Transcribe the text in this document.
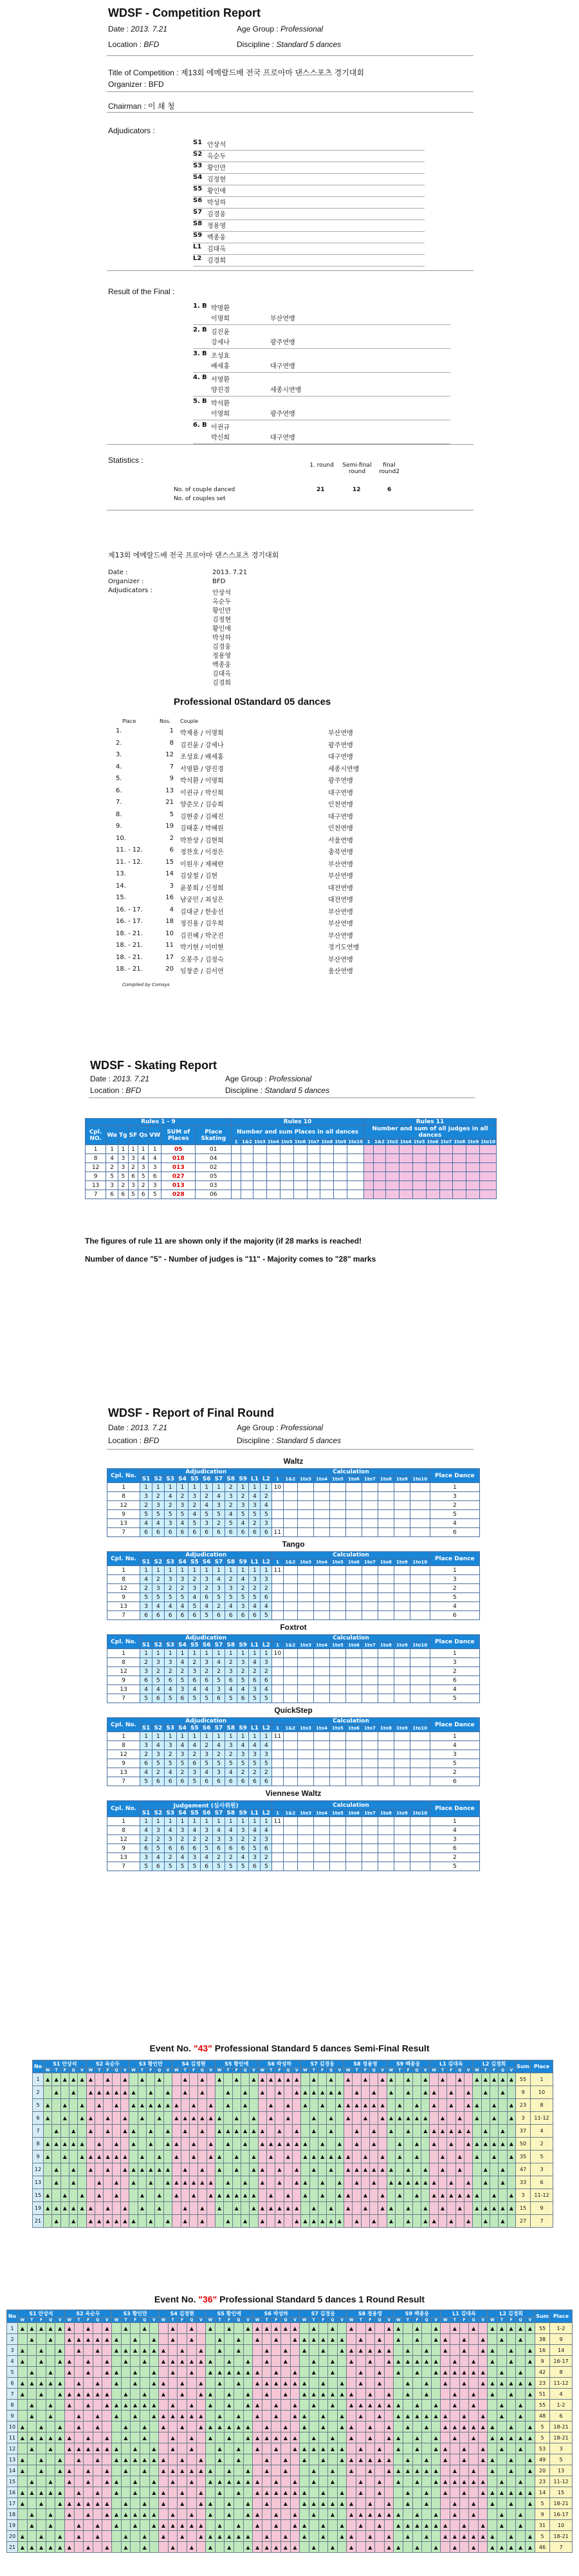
WDSF - Competition Report
Date : 2013. 7.21	Age Group : Professional
Location : BFD	Discipline : Standard 5 dances
Title of Competition : 제13회 에메랄드배 전국 프로아마 댄스스포츠 경기대회
Organizer : BFD
Chairman : 이 쇄 청
Adjudicators :
S1 안상석
S2 옥순두
S3 황인만
S4 김정현
S5 황인애
S6 박성하
S7 김경웅
S8 정용영
S9 백종웅
L1 김대옥
L2 김경희
Result of the Final :
1. B 박명환
이명희	부산연맹
2. B 김진윤
강세나	광주연맹
3. B 조성효
배세홍	대구연맹
4. B 서영환
양진경	세종시연맹
5. B 박석환
이영희	광주연맹
6. B 이권규
박신희	대구연맹
Statistics :
1. round	Semi-final round
final round2
No. of couple danced	21	12	6
No. of couples set
제13회 에메랄드배 전국 프로아마 댄스스포츠 경기대회
Date :	2013. 7.21
Organizer :	BFD
Adjudicators :	안상석
옥순두
황인만
김정현
황인애
박성하
김경웅
정용영
백종웅
김대옥
김경희
Professional 0Standard 05 dances
Place	Nos. Couple
1.	1 박재용 / 이명희	부산연맹
2.	8 김진윤 / 강세나	광주연맹
3.	12 조성효 / 배세홍	대구연맹
4.	7 서영환 / 양진경	세종시연맹
5.	9 박석환 / 이영희	광주연맹
6.	13 이권규 / 박신희	대구연맹
7.	21 양준모 / 김승희	인천연맹
8.	5 김현중 / 김혜진	대구연맹
9.	19 김태훈 / 박혜원	인천연맹
10.	2 박찬상 / 김현희	서울연맹
11. - 12.	6 정찬호 / 이정은	충북연맹
11. - 12.	15 이원우 / 제혜란	부산연맹
13.	14 김상철 / 김현	부산연맹
14.	3 윤봉희 / 신정희	대전연맹
15.	16 남궁민 / 최성은	대전연맹
16. - 17.	4 김대균 / 한송선	부산연맹
16. - 17.	18 정진용 / 김우희	부산연맹
18. - 21.	10 김진혜 / 박군진	부산연맹
18. - 21.	11 박기현 / 이미현	경기도연맹
18. - 21.	17 오봉주 / 김정숙	부산연맹
18. - 21.	20 임창준 / 김서연	울산연맹
Compiled by Comsys
WDSF - Skating Report
Date : 2013. 7.21	Age Group : Professional
Location : BFD	Discipline : Standard 5 dances
Rules 1 - 9								Rules 10										Rules 11									
Cpl. NO.	Wa	Tg	SF	Qs	VW	SUM of Places	Place Skating	Number and sum Places in all dances										Number and sum of all judges in all dances									
								1	1&2	1to3	1to4	1to5	1to6	1to7	1to8	1to9	1to10	1	1&2	1to3	1to4	1to5	1to6	1to7	1to8	1to9	1to10
1	1	1	1	1	1	05	01																				
8	4	3	3	4	4	018	04																				
12	2	3	2	3	3	013	02																				
9	5	5	6	5	6	027	05																				
13	3	2	3	2	3	013	03																				
7	6	6	5	6	5	028	06																				
The figures of rule 11 are shown only if the majority (if 28 marks is reached!
Number of dance "5" - Number of judges is "11" - Majority comes to "28" marks
WDSF - Report of Final Round
Date : 2013. 7.21	Age Group : Professional
Location : BFD	Discipline : Standard 5 dances
Waltz
Cpl. No.	Adjudication											Calculation										Place Dance
	S1	S2	S3	S4	S5	S6	S7	S8	S9	L1	L2	1	1&2	1to3	1to4	1to5	1to6	1to7	1to8	1to9	1to10	
1	1	1	1	1	1	1	1	2	1	1	1	10										1
8	3	2	4	2	3	2	4	3	2	4	2											3
12	2	3	2	3	2	4	3	2	3	3	4											2
9	5	5	5	5	4	5	5	4	5	5	5											5
13	4	4	3	4	5	3	2	5	4	2	3											4
7	6	6	6	6	6	6	6	6	6	6	6	11										6
Tango
Cpl. No.	Adjudication											Calculation										Place Dance
	S1	S2	S3	S4	S5	S6	S7	S8	S9	L1	L2	1	1&2	1to3	1to4	1to5	1to6	1to7	1to8	1to9	1to10	
1	1	1	1	1	1	1	1	1	1	1	1	11										1
8	4	2	3	3	2	3	4	2	4	3	3											3
12	2	3	2	2	3	2	3	3	2	2	2											2
9	5	5	5	5	4	6	5	5	5	5	6											5
13	3	4	4	4	5	4	2	4	3	4	4											4
7	6	6	6	6	6	5	6	6	6	6	5											6
Foxtrot
Cpl. No.	Adjudication											Calculation										Place Dance
	S1	S2	S3	S4	S5	S6	S7	S8	S9	L1	L2	1	1&2	1to3	1to4	1to5	1to6	1to7	1to8	1to9	1to10	
1	1	1	1	1	1	1	1	1	1	1	1	10										1
8	2	3	3	4	2	3	4	2	3	4	3											3
12	3	2	2	2	3	2	2	3	2	2	2											2
9	6	5	6	5	6	6	5	6	5	6	6											6
13	4	4	4	3	4	4	3	4	4	3	4											4
7	5	6	5	6	5	5	6	5	6	5	5											5
QuickStep
Cpl. No.	Adjudication											Calculation										Place Dance
	S1	S2	S3	S4	S5	S6	S7	S8	S9	L1	L2	1	1&2	1to3	1to4	1to5	1to6	1to7	1to8	1to9	1to10	
1	1	1	1	1	1	1	1	1	1	1	1	11										1
8	3	4	3	4	4	2	4	3	4	4	4											4
12	2	3	2	3	2	3	2	2	3	3	3											3
9	6	5	5	5	6	5	5	5	5	5	5											5
13	4	2	4	2	3	4	3	4	2	2	2											2
7	5	6	6	6	5	6	6	6	6	6	6											6
Viennese Waltz
Cpl. No.	Judgement (심사위원)											Calculation										Place Dance
	S1	S2	S3	S4	S5	S6	S7	S8	S9	L1	L2	1	1&2	1to3	1to4	1to5	1to6	1to7	1to8	1to9	1to10	
1	1	1	1	1	1	1	1	1	1	1	1	11										1
8	4	3	4	3	4	3	4	4	3	4	4											4
12	2	2	3	2	2	2	3	3	2	2	3											3
9	6	5	6	6	6	5	6	6	6	5	6											6
13	3	4	2	4	3	4	2	2	4	3	2											2
7	5	6	5	5	5	6	5	5	5	6	5											5
Event No. "43" Professional Standard 5 dances Semi-Final Result
No	S1 안상석					S2 옥순두					S3 황인만					S4 김정현					S5 황인애					S6 박성하					S7 김경웅					S8 정용영					S9 백종웅					L1 김대옥					L2 김경희					Sum	Place
	W	T	F	Q	V	W	T	F	Q	V	W	T	F	Q	V	W	T	F	Q	V	W	T	F	Q	V	W	T	F	Q	V	W	T	F	Q	V	W	T	F	Q	V	W	T	F	Q	V	W	T	F	Q	V	W	T	F	Q	V		
1	▲	▲	▲	▲	▲	▲		▲		▲		▲		▲			▲		▲		▲		▲		▲	▲	▲	▲	▲	▲		▲		▲		▲		▲		▲	▲		▲		▲		▲		▲		▲	▲	▲	▲	▲	55	1
2		▲		▲		▲	▲	▲	▲	▲	▲		▲		▲		▲		▲			▲		▲		▲		▲		▲	▲	▲	▲	▲	▲		▲		▲		▲		▲		▲	▲		▲		▲		▲		▲		9	10
5	▲		▲		▲		▲		▲		▲	▲	▲	▲	▲	▲		▲		▲		▲		▲			▲		▲		▲		▲		▲	▲	▲	▲	▲	▲		▲		▲		▲		▲		▲	▲		▲		▲	23	8
6	▲		▲		▲	▲		▲		▲		▲		▲		▲	▲	▲	▲	▲	▲		▲		▲		▲		▲			▲		▲		▲		▲		▲	▲	▲	▲	▲	▲		▲		▲		▲		▲		▲	3	11-12
7		▲		▲		▲		▲		▲	▲		▲		▲		▲		▲		▲	▲	▲	▲	▲	▲		▲		▲		▲		▲			▲		▲		▲		▲		▲	▲	▲	▲	▲	▲		▲		▲		37	4
8	▲	▲	▲	▲	▲		▲		▲		▲		▲		▲	▲		▲		▲		▲		▲		▲	▲	▲	▲	▲	▲		▲		▲		▲		▲			▲		▲		▲		▲		▲	▲	▲	▲	▲	▲	50	2
9	▲		▲		▲	▲	▲	▲	▲	▲		▲		▲		▲		▲		▲	▲		▲		▲		▲		▲		▲	▲	▲	▲	▲	▲		▲		▲		▲		▲			▲		▲		▲		▲		▲	35	5
12		▲		▲		▲		▲		▲	▲	▲	▲	▲	▲		▲		▲		▲		▲		▲	▲		▲		▲		▲		▲		▲	▲	▲	▲	▲	▲		▲		▲		▲		▲			▲		▲		47	3
13		▲		▲			▲		▲		▲		▲		▲	▲	▲	▲	▲	▲		▲		▲		▲		▲		▲	▲		▲		▲		▲		▲		▲	▲	▲	▲	▲	▲		▲		▲		▲		▲		33	6
15	▲		▲		▲		▲		▲			▲		▲		▲		▲		▲	▲	▲	▲	▲	▲		▲		▲		▲		▲		▲	▲		▲		▲		▲		▲		▲	▲	▲	▲	▲	▲		▲		▲	3	11-12
19	▲	▲	▲	▲	▲	▲		▲		▲		▲		▲			▲		▲		▲		▲		▲	▲	▲	▲	▲	▲		▲		▲		▲		▲		▲	▲		▲		▲		▲		▲		▲	▲	▲	▲	▲	15	9
21		▲		▲		▲	▲	▲	▲	▲	▲		▲		▲		▲		▲			▲		▲		▲		▲		▲	▲	▲	▲	▲	▲		▲		▲		▲		▲		▲	▲		▲		▲		▲		▲		27	7
Event No. "36" Professional Standard 5 dances 1 Round Result
No	S1 안상석					S2 옥순두					S3 황인만					S4 김정현					S5 황인애					S6 박성하					S7 김경웅					S8 정용영					S9 백종웅					L1 김대옥					L2 김경희					Sum	Place
	W	T	F	Q	V	W	T	F	Q	V	W	T	F	Q	V	W	T	F	Q	V	W	T	F	Q	V	W	T	F	Q	V	W	T	F	Q	V	W	T	F	Q	V	W	T	F	Q	V	W	T	F	Q	V	W	T	F	Q	V		
1	▲	▲	▲	▲	▲	▲		▲		▲		▲		▲			▲		▲		▲		▲		▲	▲	▲	▲	▲	▲		▲		▲		▲		▲		▲	▲		▲		▲		▲		▲		▲	▲	▲	▲	▲	55	1-2
2		▲		▲		▲	▲	▲	▲	▲	▲		▲		▲		▲		▲			▲		▲		▲		▲		▲	▲	▲	▲	▲	▲		▲		▲		▲		▲		▲	▲		▲		▲		▲		▲		38	9
3	▲		▲		▲		▲		▲		▲	▲	▲	▲	▲	▲		▲		▲		▲		▲			▲		▲		▲		▲		▲	▲	▲	▲	▲	▲		▲		▲		▲		▲		▲	▲		▲		▲	16	14
4	▲		▲		▲	▲		▲		▲		▲		▲		▲	▲	▲	▲	▲	▲		▲		▲		▲		▲			▲		▲		▲		▲		▲	▲	▲	▲	▲	▲		▲		▲		▲		▲		▲	9	16-17
5		▲		▲		▲		▲		▲	▲		▲		▲		▲		▲		▲	▲	▲	▲	▲	▲		▲		▲		▲		▲			▲		▲		▲		▲		▲	▲	▲	▲	▲	▲		▲		▲		42	8
6	▲	▲	▲	▲	▲		▲		▲		▲		▲		▲	▲		▲		▲		▲		▲		▲	▲	▲	▲	▲	▲		▲		▲		▲		▲			▲		▲		▲		▲		▲	▲	▲	▲	▲	▲	23	11-12
7	▲		▲		▲	▲	▲	▲	▲	▲		▲		▲		▲		▲		▲	▲		▲		▲		▲		▲		▲	▲	▲	▲	▲	▲		▲		▲		▲		▲			▲		▲		▲		▲		▲	51	4
8		▲		▲		▲		▲		▲	▲	▲	▲	▲	▲		▲		▲		▲		▲		▲	▲		▲		▲		▲		▲		▲	▲	▲	▲	▲	▲		▲		▲		▲		▲			▲		▲		55	1-2
9		▲		▲			▲		▲		▲		▲		▲	▲	▲	▲	▲	▲		▲		▲		▲		▲		▲	▲		▲		▲		▲		▲		▲	▲	▲	▲	▲	▲		▲		▲		▲		▲		48	6
10	▲		▲		▲		▲		▲			▲		▲		▲		▲		▲	▲	▲	▲	▲	▲		▲		▲		▲		▲		▲	▲		▲		▲		▲		▲		▲	▲	▲	▲	▲	▲		▲		▲	5	18-21
11	▲	▲	▲	▲	▲	▲		▲		▲		▲		▲			▲		▲		▲		▲		▲	▲	▲	▲	▲	▲		▲		▲		▲		▲		▲	▲		▲		▲		▲		▲		▲	▲	▲	▲	▲	5	18-21
12		▲		▲		▲	▲	▲	▲	▲	▲		▲		▲		▲		▲			▲		▲		▲		▲		▲	▲	▲	▲	▲	▲		▲		▲		▲		▲		▲	▲		▲		▲		▲		▲		53	3
13	▲		▲		▲		▲		▲		▲	▲	▲	▲	▲	▲		▲		▲		▲		▲			▲		▲		▲		▲		▲	▲	▲	▲	▲	▲		▲		▲		▲		▲		▲	▲		▲		▲	49	5
14	▲		▲		▲	▲		▲		▲		▲		▲		▲	▲	▲	▲	▲	▲		▲		▲		▲		▲			▲		▲		▲		▲		▲	▲	▲	▲	▲	▲		▲		▲		▲		▲		▲	20	13
15		▲		▲		▲		▲		▲	▲		▲		▲		▲		▲		▲	▲	▲	▲	▲	▲		▲		▲		▲		▲			▲		▲		▲		▲		▲	▲	▲	▲	▲	▲		▲		▲		23	11-12
16	▲	▲	▲	▲	▲		▲		▲		▲		▲		▲	▲		▲		▲		▲		▲		▲	▲	▲	▲	▲	▲		▲		▲		▲		▲			▲		▲		▲		▲		▲	▲	▲	▲	▲	▲	14	15
17	▲		▲		▲	▲	▲	▲	▲	▲		▲		▲		▲		▲		▲	▲		▲		▲		▲		▲		▲	▲	▲	▲	▲	▲		▲		▲		▲		▲			▲		▲		▲		▲		▲	5	18-21
18		▲		▲		▲		▲		▲	▲	▲	▲	▲	▲		▲		▲		▲		▲		▲	▲		▲		▲		▲		▲		▲	▲	▲	▲	▲	▲		▲		▲		▲		▲			▲		▲		9	16-17
19		▲		▲			▲		▲		▲		▲		▲	▲	▲	▲	▲	▲		▲		▲		▲		▲		▲	▲		▲		▲		▲		▲		▲	▲	▲	▲	▲	▲		▲		▲		▲		▲		31	10
20	▲		▲		▲		▲		▲			▲		▲		▲		▲		▲	▲	▲	▲	▲	▲		▲		▲		▲		▲		▲	▲		▲		▲		▲		▲		▲	▲	▲	▲	▲	▲		▲		▲	5	18-21
21	▲	▲	▲	▲	▲	▲		▲		▲		▲		▲			▲		▲		▲		▲		▲	▲	▲	▲	▲	▲		▲		▲		▲		▲		▲	▲		▲		▲		▲		▲		▲	▲	▲	▲	▲	46	7
